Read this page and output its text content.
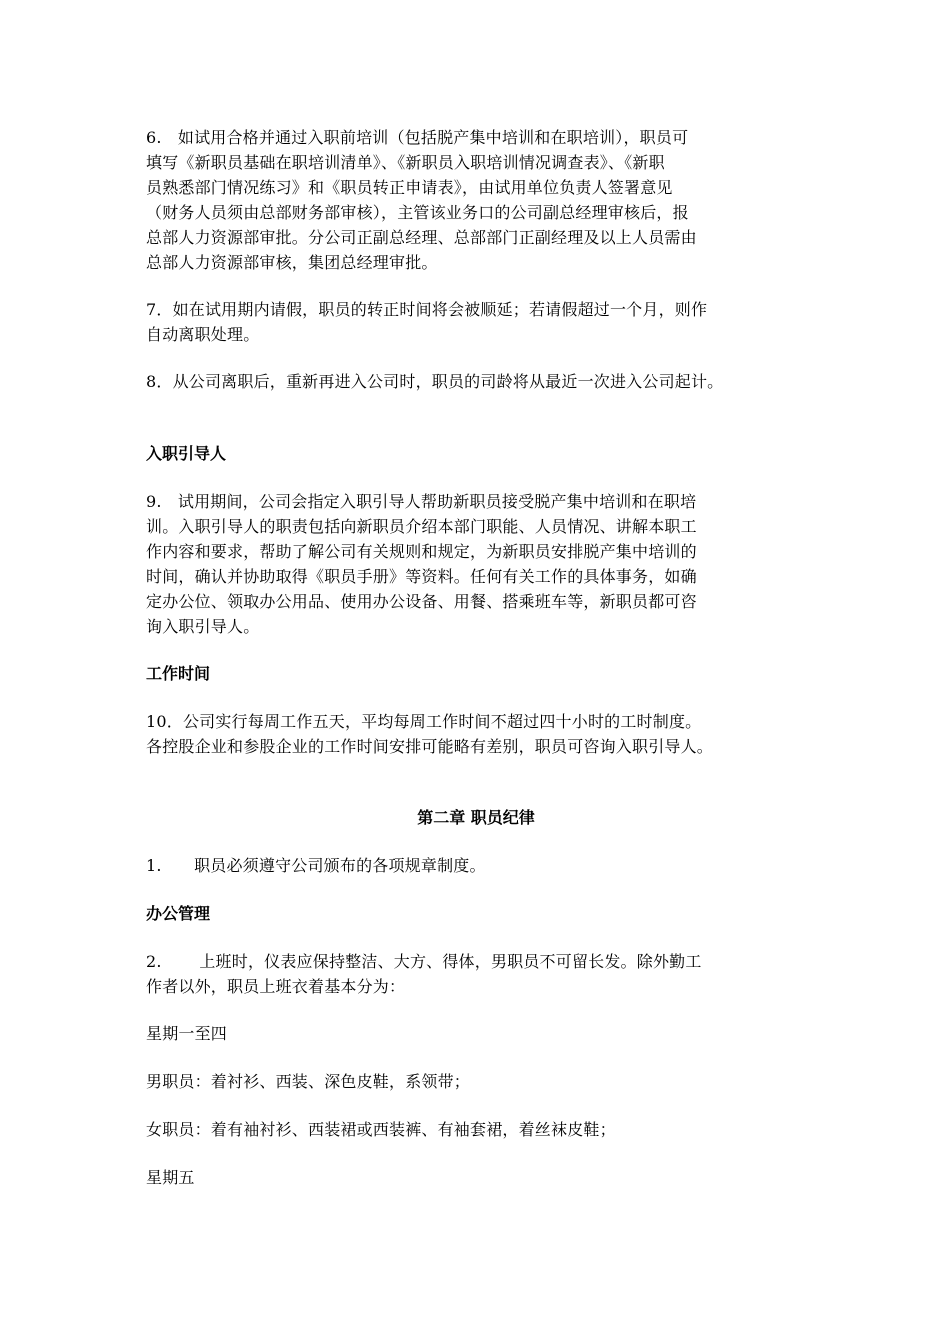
6.　如试用合格并通过入职前培训（包括脱产集中培训和在职培训），职员可
填写《新职员基础在职培训清单》、《新职员入职培训情况调查表》、《新职
员熟悉部门情况练习》和《职员转正申请表》，由试用单位负责人签署意见
（财务人员须由总部财务部审核），主管该业务口的公司副总经理审核后，报
总部人力资源部审批。分公司正副总经理、总部部门正副经理及以上人员需由
总部人力资源部审核，集团总经理审批。
7．如在试用期内请假，职员的转正时间将会被顺延；若请假超过一个月，则作
自动离职处理。
8．从公司离职后，重新再进入公司时，职员的司龄将从最近一次进入公司起计。
入职引导人
9.　试用期间，公司会指定入职引导人帮助新职员接受脱产集中培训和在职培
训。入职引导人的职责包括向新职员介绍本部门职能、人员情况、讲解本职工
作内容和要求，帮助了解公司有关规则和规定，为新职员安排脱产集中培训的
时间，确认并协助取得《职员手册》等资料。任何有关工作的具体事务，如确
定办公位、领取办公用品、使用办公设备、用餐、搭乘班车等，新职员都可咨
询入职引导人。
工作时间
10．公司实行每周工作五天，平均每周工作时间不超过四十小时的工时制度。
各控股企业和参股企业的工作时间安排可能略有差别，职员可咨询入职引导人。
第二章 职员纪律
1.　　职员必须遵守公司颁布的各项规章制度。
办公管理
2.　　 上班时，仪表应保持整洁、大方、得体，男职员不可留长发。除外勤工
作者以外，职员上班衣着基本分为：
星期一至四
男职员：着衬衫、西装、深色皮鞋，系领带；
女职员：着有袖衬衫、西装裙或西装裤、有袖套裙，着丝袜皮鞋；
星期五
